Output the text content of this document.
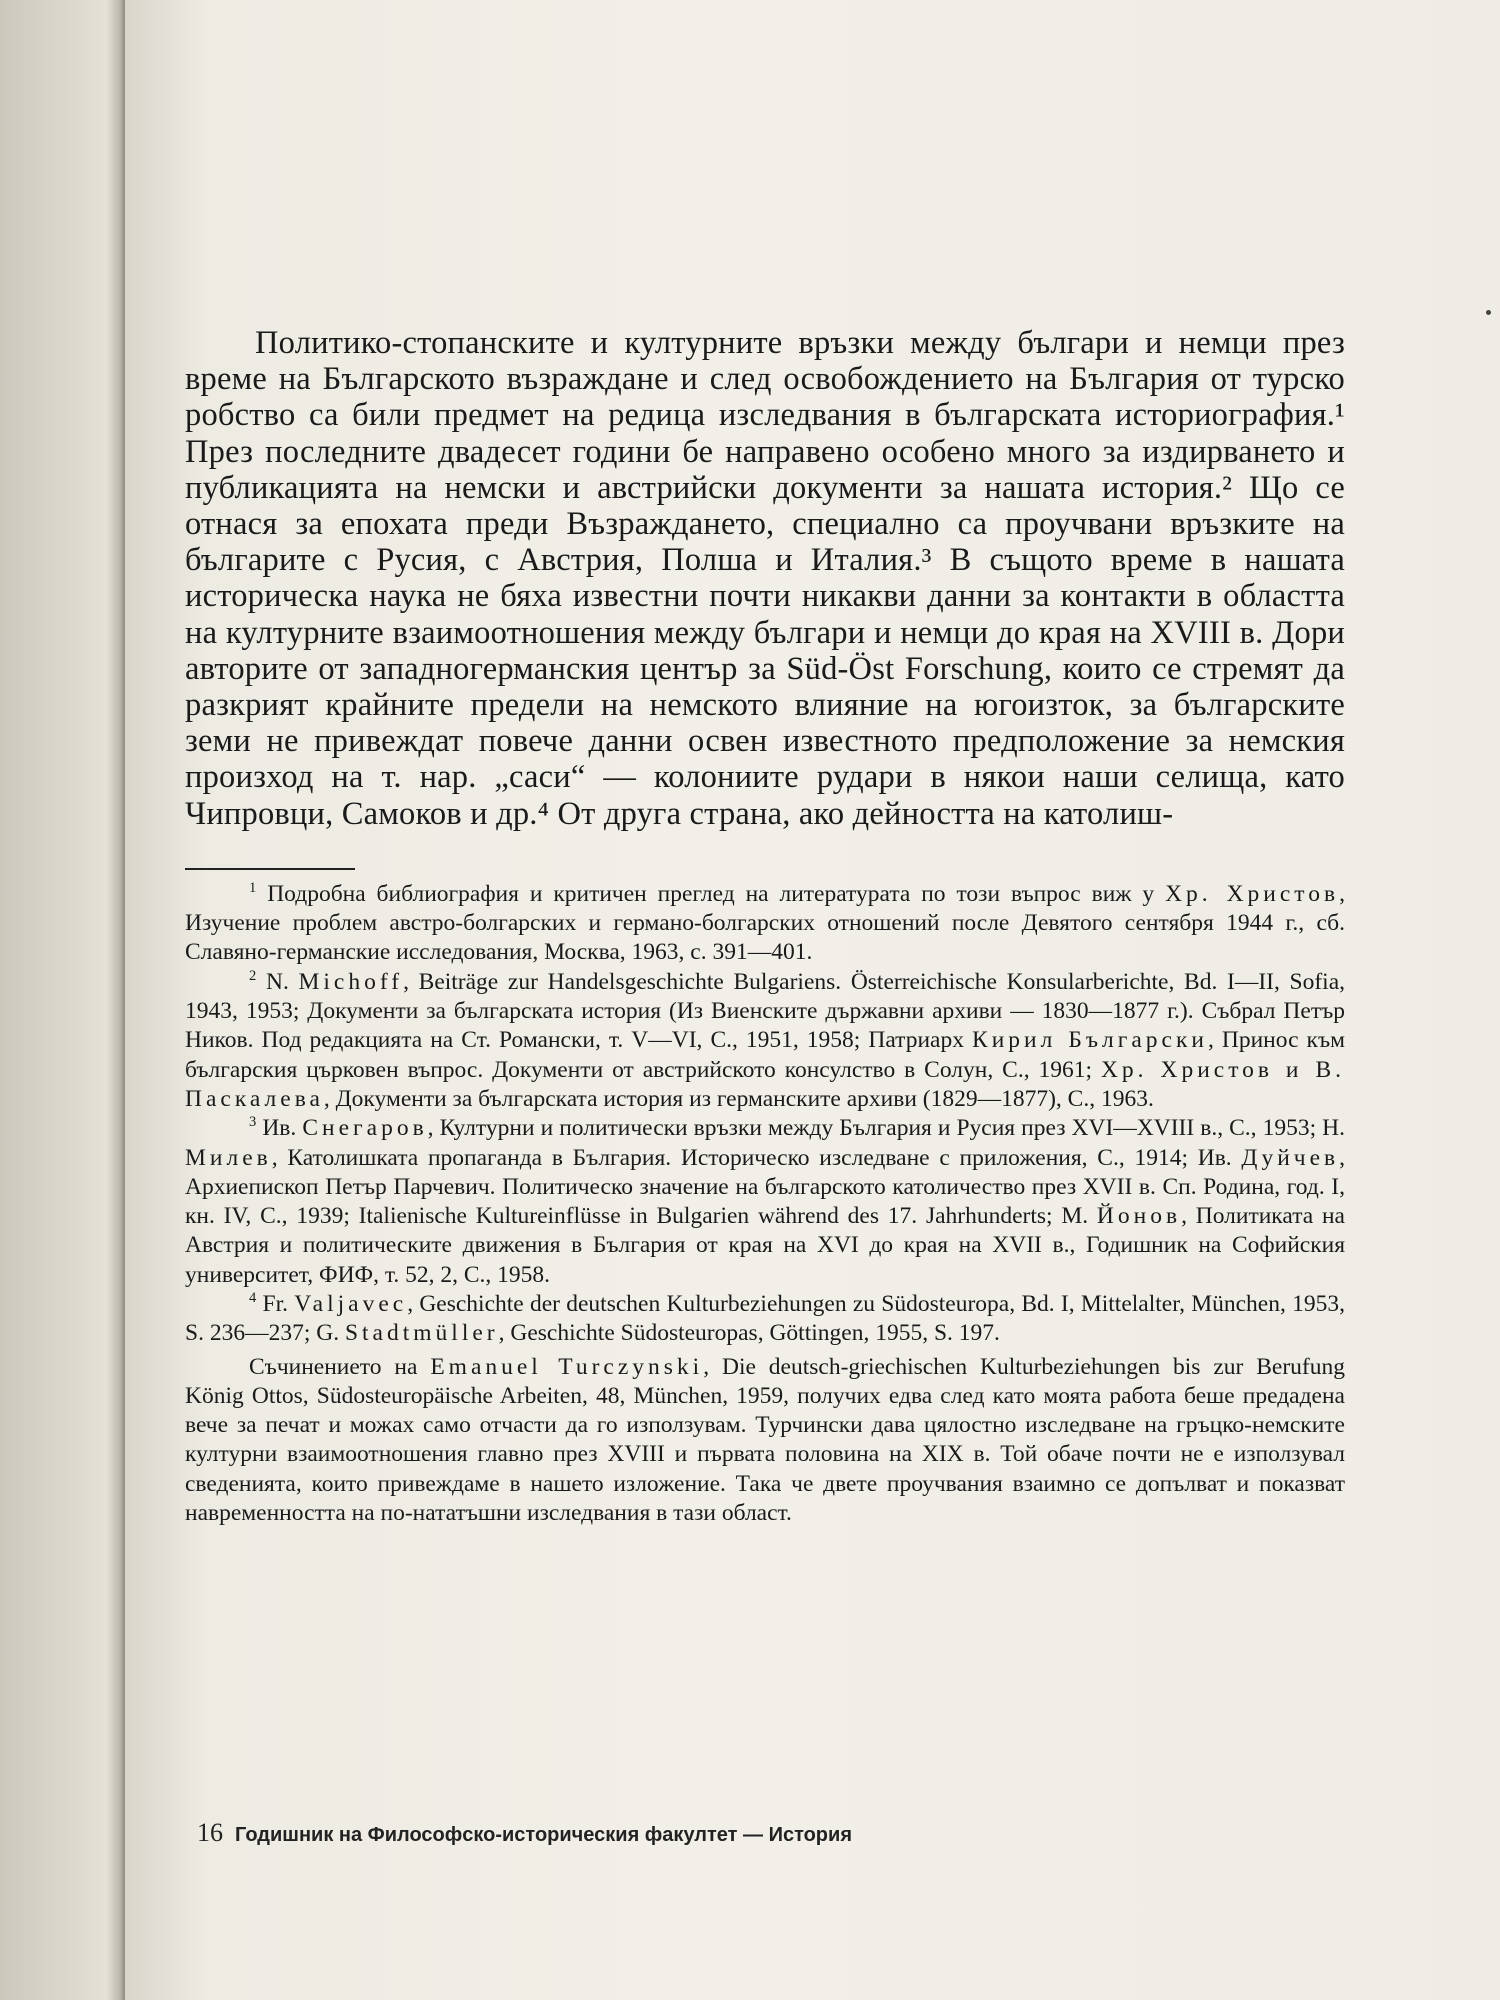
Политико-стопанските и културните връзки между българи и немци през време на Българското възраждане и след освобождението на България от турско робство са били предмет на редица изследвания в българската историография.¹ През последните двадесет години бе направено особено много за издирването и публикацията на немски и австрийски документи за нашата история.² Що се отнася за епохата преди Възраждането, специално са проучвани връзките на българите с Русия, с Австрия, Полша и Италия.³ В същото време в нашата историческа наука не бяха известни почти никакви данни за контакти в областта на културните взаимоотношения между българи и немци до края на XVIII в. Дори авторите от западногерманския център за Süd-Öst Forschung, които се стремят да разкрият крайните предели на немското влияние на югоизток, за българските земи не привеждат повече данни освен известното предположение за немския произход на т. нар. „саси“ — колониите рудари в някои наши селища, като Чипровци, Самоков и др.⁴ От друга страна, ако дейността на католиш-

$^1$ Подробна библиография и критичен преглед на литературата по този въпрос виж у Хр. Христов, Изучение проблем австро-болгарских и германо-болгарских отношений после Девятого сентября 1944 г., сб. Славяно-германские исследования, Москва, 1963, с. 391—401.

$^2$ N. Michoff, Beiträge zur Handelsgeschichte Bulgariens. Österreichische Konsularberichte, Bd. I—II, Sofia, 1943, 1953; Документи за българската история (Из Виенските държавни архиви — 1830—1877 г.). Събрал Петър Ников. Под редакцията на Ст. Романски, т. V—VI, С., 1951, 1958; Патриарх Кирил Български, Принос към българския църковен въпрос. Документи от австрийското консулство в Солун, С., 1961; Хр. Христов и В. Паскалева, Документи за българската история из германските архиви (1829—1877), С., 1963.

$^3$ Ив. Снегаров, Културни и политически връзки между България и Русия през XVI—XVIII в., С., 1953; Н. Милев, Католишката пропаганда в България. Историческо изследване с приложения, С., 1914; Ив. Дуйчев, Архиепископ Петър Парчевич. Политическо значение на българското католичество през XVII в. Сп. Родина, год. I, кн. IV, С., 1939; Italienische Kultureinflüsse in Bulgarien während des 17. Jahrhunderts; М. Йонов, Политиката на Австрия и политическите движения в България от края на XVI до края на XVII в., Годишник на Софийския университет, ФИФ, т. 52, 2, С., 1958.

$^4$ Fr. Valjavec, Geschichte der deutschen Kulturbeziehungen zu Südosteuropa, Bd. I, Mittelalter, München, 1953, S. 236—237; G. Stadtmüller, Geschichte Südosteuropas, Göttingen, 1955, S. 197.

Съчинението на Emanuel Turczynski, Die deutsch-griechischen Kulturbeziehungen bis zur Berufung König Ottos, Südosteuropäische Arbeiten, 48, München, 1959, получих едва след като моята работа беше предадена вече за печат и можах само отчасти да го използувам. Турчински дава цялостно изследване на гръцко-немските културни взаимоотношения главно през XVIII и първата половина на XIX в. Той обаче почти не е използувал сведенията, които привеждаме в нашето изложение. Така че двете проучвания взаимно се допълват и показват навременността на по-нататъшни изследвания в тази област.

16 Годишник на Философско-историческия факултет — История
